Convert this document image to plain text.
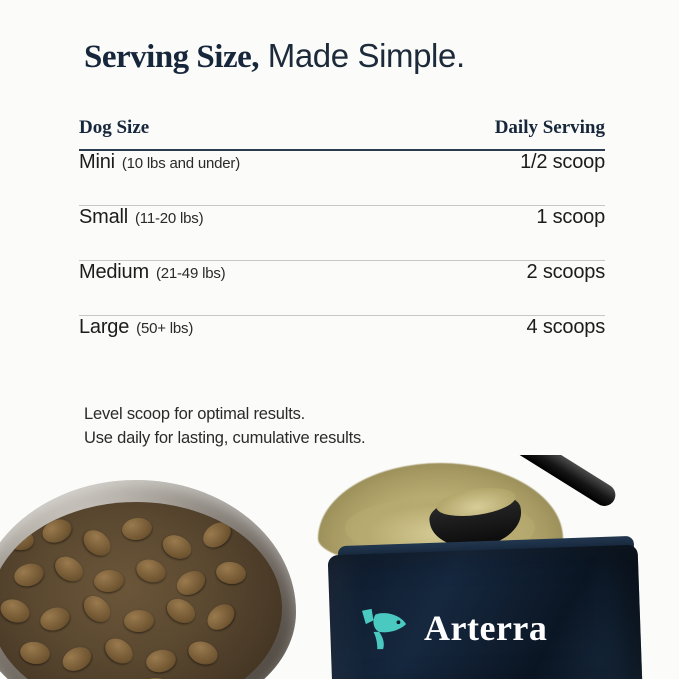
Serving Size, Made Simple.
Dog Size	Daily Serving
Mini (10 lbs and under)	1/2 scoop
Small (11-20 lbs)	1 scoop
Medium (21-49 lbs)	2 scoops
Large (50+ lbs)	4 scoops
Level scoop for optimal results.
Use daily for lasting, cumulative results.
Arterra
